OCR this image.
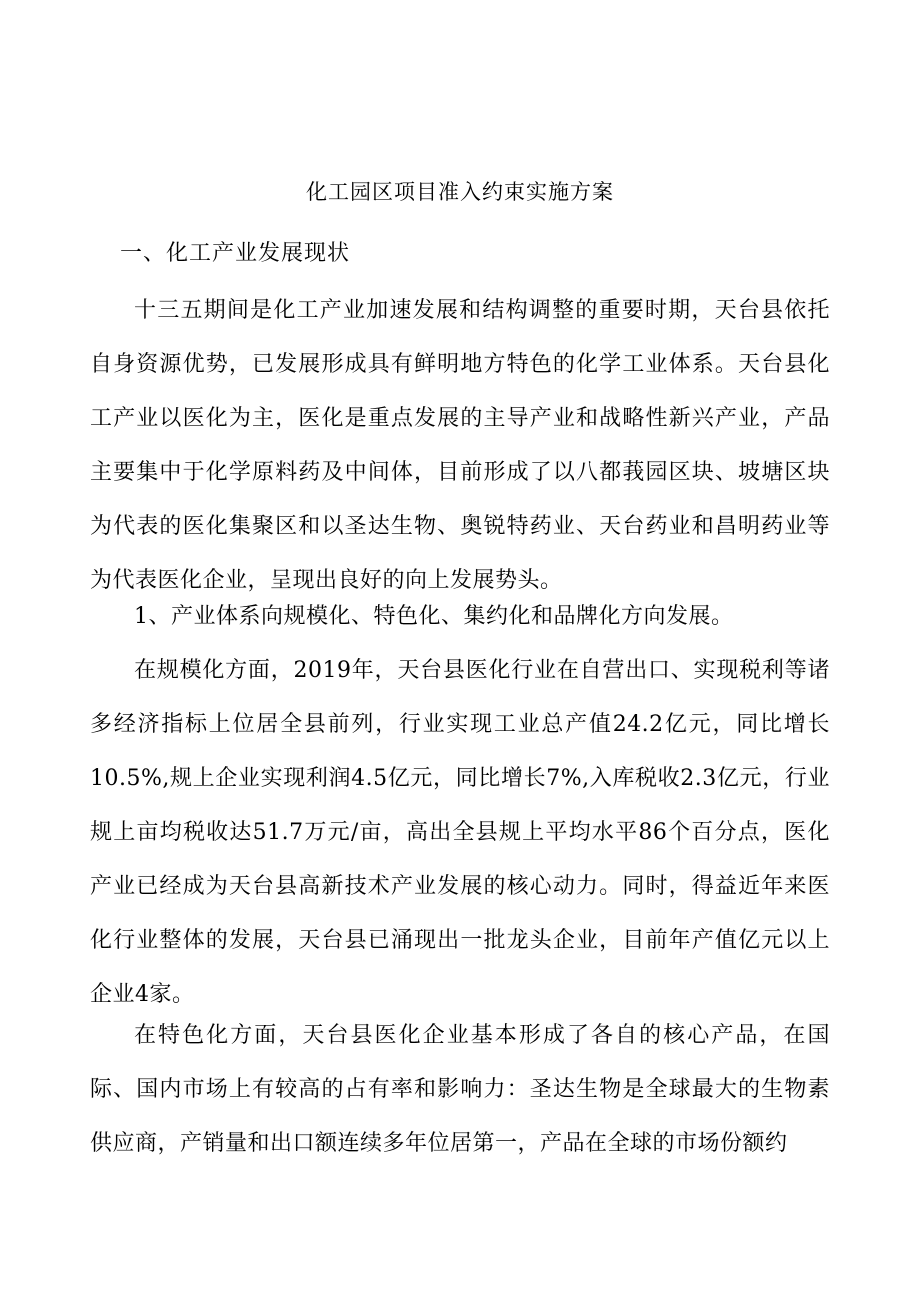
化工园区项目准入约束实施方案
一、化工产业发展现状

十三五期间是化工产业加速发展和结构调整的重要时期，天台县依托自身资源优势，已发展形成具有鲜明地方特色的化学工业体系。天台县化工产业以医化为主，医化是重点发展的主导产业和战略性新兴产业，产品主要集中于化学原料药及中间体，目前形成了以八都莪园区块、坡塘区块为代表的医化集聚区和以圣达生物、奥锐特药业、天台药业和昌明药业等为代表医化企业，呈现出良好的向上发展势头。

1、产业体系向规模化、特色化、集约化和品牌化方向发展。

在规模化方面，2019年，天台县医化行业在自营出口、实现税利等诸多经济指标上位居全县前列，行业实现工业总产值24.2亿元，同比增长10.5%,规上企业实现利润4.5亿元，同比增长7%,入库税收2.3亿元，行业规上亩均税收达51.7万元/亩，高出全县规上平均水平86个百分点，医化产业已经成为天台县高新技术产业发展的核心动力。同时，得益近年来医化行业整体的发展，天台县已涌现出一批龙头企业，目前年产值亿元以上企业4家。

在特色化方面，天台县医化企业基本形成了各自的核心产品，在国际、国内市场上有较高的占有率和影响力：圣达生物是全球最大的生物素供应商，产销量和出口额连续多年位居第一，产品在全球的市场份额约
